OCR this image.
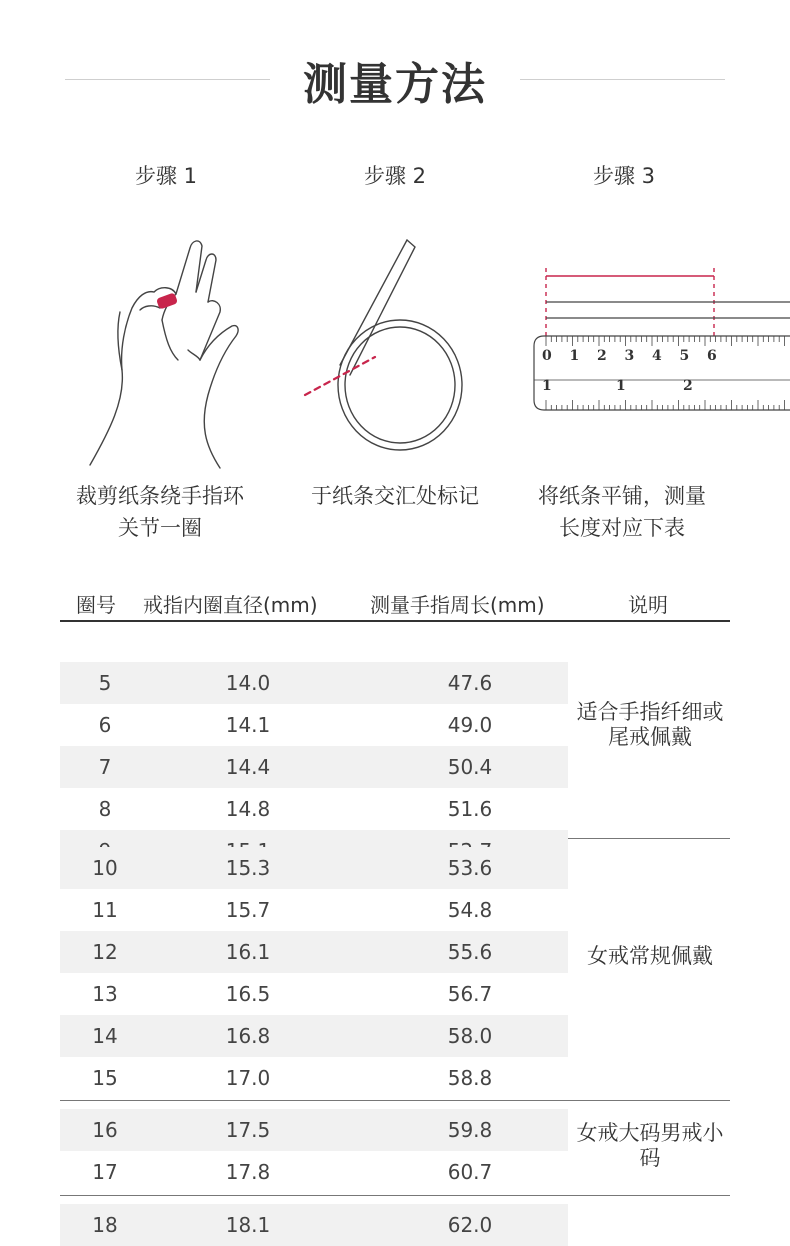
测量方法
步骤 1	步骤 2	步骤 3
0 1 2 3 4 5 6
1	1	2
裁剪纸条绕手指环
关节一圈
于纸条交汇处标记	将纸条平铺，测量
长度对应下表
圈号 戒指内圈直径(mm)	测量手指周长(mm)	说明
5	14.0	47.6
6	14.1	49.0
7	14.4	50.4
8	14.8	51.6
适合手指纤细或尾戒佩戴
10	15.3	53.6
11	15.7	54.8
12	16.1	55.6
13	16.5	56.7
14	16.8	58.0
15	17.0	58.8
女戒常规佩戴
16	17.5	59.8
17	17.8	60.7
女戒大码男戒小码
18	18.1	62.0
